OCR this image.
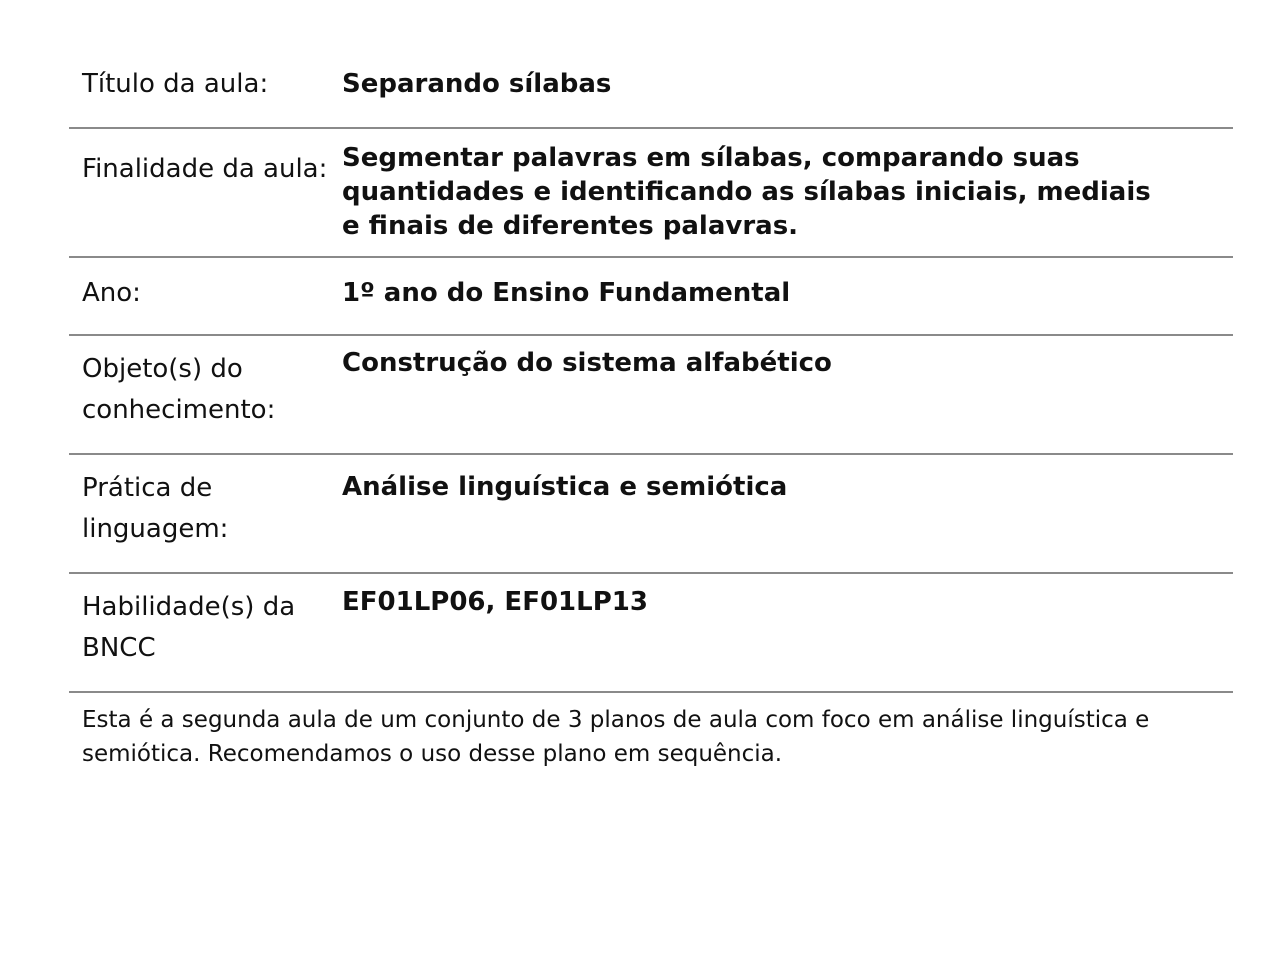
Título da aula:	Separando sílabas
Finalidade da aula: Segmentar palavras em sílabas, comparando suas quantidades e identificando as sílabas iniciais, mediais e finais de diferentes palavras.
Ano:	1º ano do Ensino Fundamental
Objeto(s) do conhecimento:
Construção do sistema alfabético
Prática de linguagem:
Análise linguística e semiótica
Habilidade(s) da BNCC
EF01LP06, EF01LP13
Esta é a segunda aula de um conjunto de 3 planos de aula com foco em análise linguística e semiótica. Recomendamos o uso desse plano em sequência.
